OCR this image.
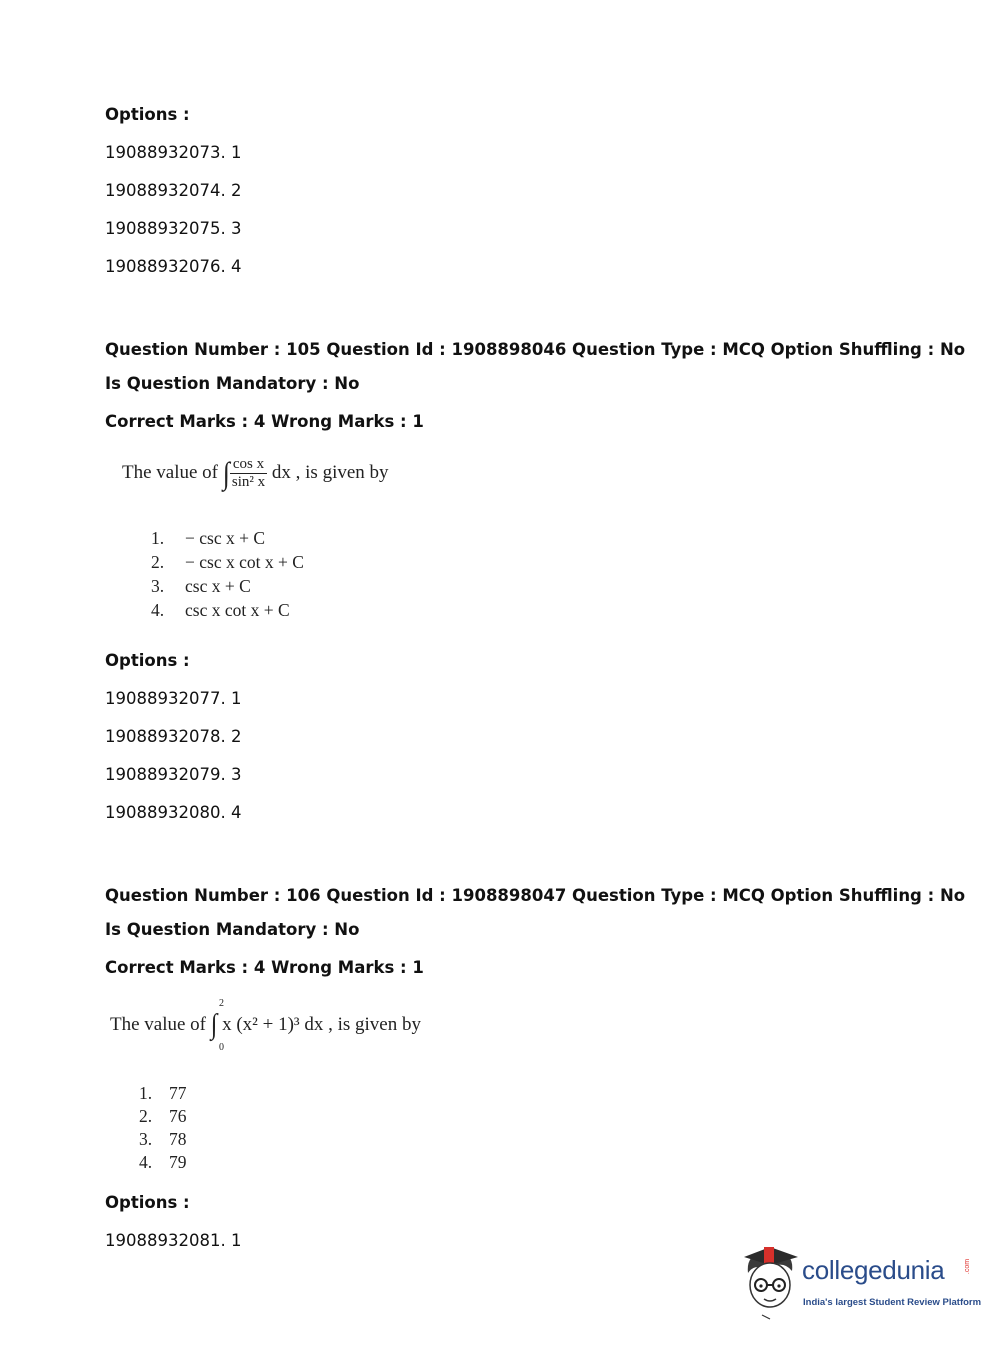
Options :
19088932073. 1
19088932074. 2
19088932075. 3
19088932076. 4
Question Number : 105 Question Id : 1908898046 Question Type : MCQ Option Shuffling : No
Is Question Mandatory : No
Correct Marks : 4 Wrong Marks : 1
The value of ∫ $\frac{\text{cos x}}{\text{sin² x}}$ dx , is given by
1. − csc x + C
2. − csc x cot x + C
3. csc x + C
4. csc x cot x + C
Options :
19088932077. 1
19088932078. 2
19088932079. 3
19088932080. 4
Question Number : 106 Question Id : 1908898047 Question Type : MCQ Option Shuffling : No
Is Question Mandatory : No
Correct Marks : 4 Wrong Marks : 1
The value of ∫ x (x² + 1)³ dx , is given by
2
0
1. 77
2. 76
3. 78
4. 79
Options :
19088932081. 1
collegedunia	.com
India's largest Student Review Platform
